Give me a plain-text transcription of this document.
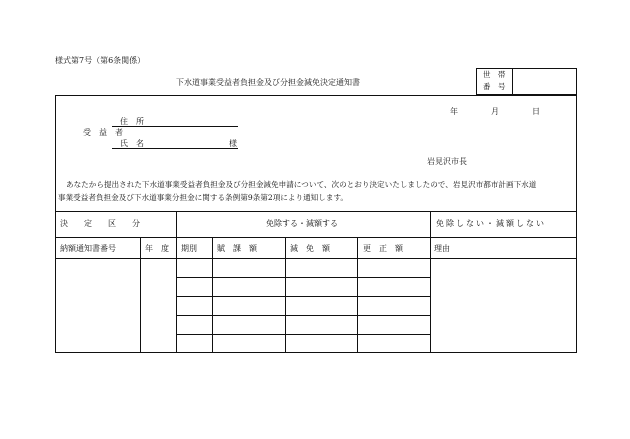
様式第7号（第6条関係）
下水道事業受益者負担金及び分担金減免決定通知書
世　帯
番　号
年	月	日
住　所
受　益　者
氏　名	様
岩見沢市長
あなたから提出された下水道事業受益者負担金及び分担金減免申請について、次のとおり決定いたしましたので、岩見沢市都市計画下水道
事業受益者負担金及び下水道事業分担金に関する条例第9条第2項により通知します。
決　　定　　区　　分	免除する・減額する	免除しない・減額しない
納額通知書番号	年　度 期別	賦　課　額	減　免　額	更　正　額	理由
